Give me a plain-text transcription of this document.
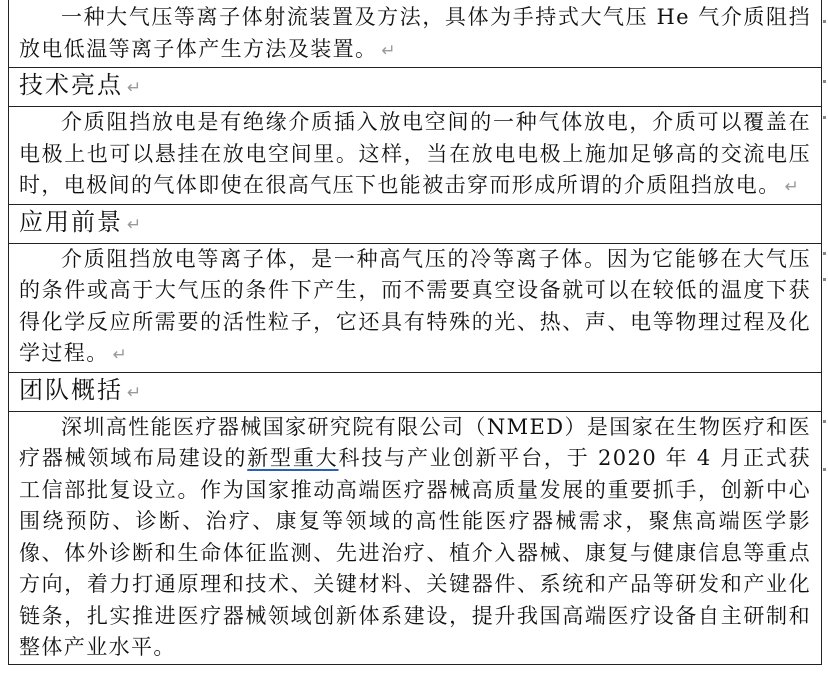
一种大气压等离子体射流装置及方法，具体为手持式大气压 He 气介质阻挡放电低温等离子体产生方法及装置。 ↵
技术亮点 ↵
介质阻挡放电是有绝缘介质插入放电空间的一种气体放电，介质可以覆盖在电极上也可以悬挂在放电空间里。这样，当在放电电极上施加足够高的交流电压时，电极间的气体即使在很高气压下也能被击穿而形成所谓的介质阻挡放电。 ↵
应用前景 ↵
介质阻挡放电等离子体，是一种高气压的冷等离子体。因为它能够在大气压的条件或高于大气压的条件下产生，而不需要真空设备就可以在较低的温度下获得化学反应所需要的活性粒子，它还具有特殊的光、热、声、电等物理过程及化学过程。 ↵
团队概括 ↵
深圳高性能医疗器械国家研究院有限公司（NMED）是国家在生物医疗和医疗器械领域布局建设的新型重大科技与产业创新平台，于 2020 年 4 月正式获工信部批复设立。作为国家推动高端医疗器械高质量发展的重要抓手，创新中心围绕预防、诊断、治疗、康复等领域的高性能医疗器械需求，聚焦高端医学影像、体外诊断和生命体征监测、先进治疗、植介入器械、康复与健康信息等重点方向，着力打通原理和技术、关键材料、关键器件、系统和产品等研发和产业化链条，扎实推进医疗器械领域创新体系建设，提升我国高端医疗设备自主研制和整体产业水平。
